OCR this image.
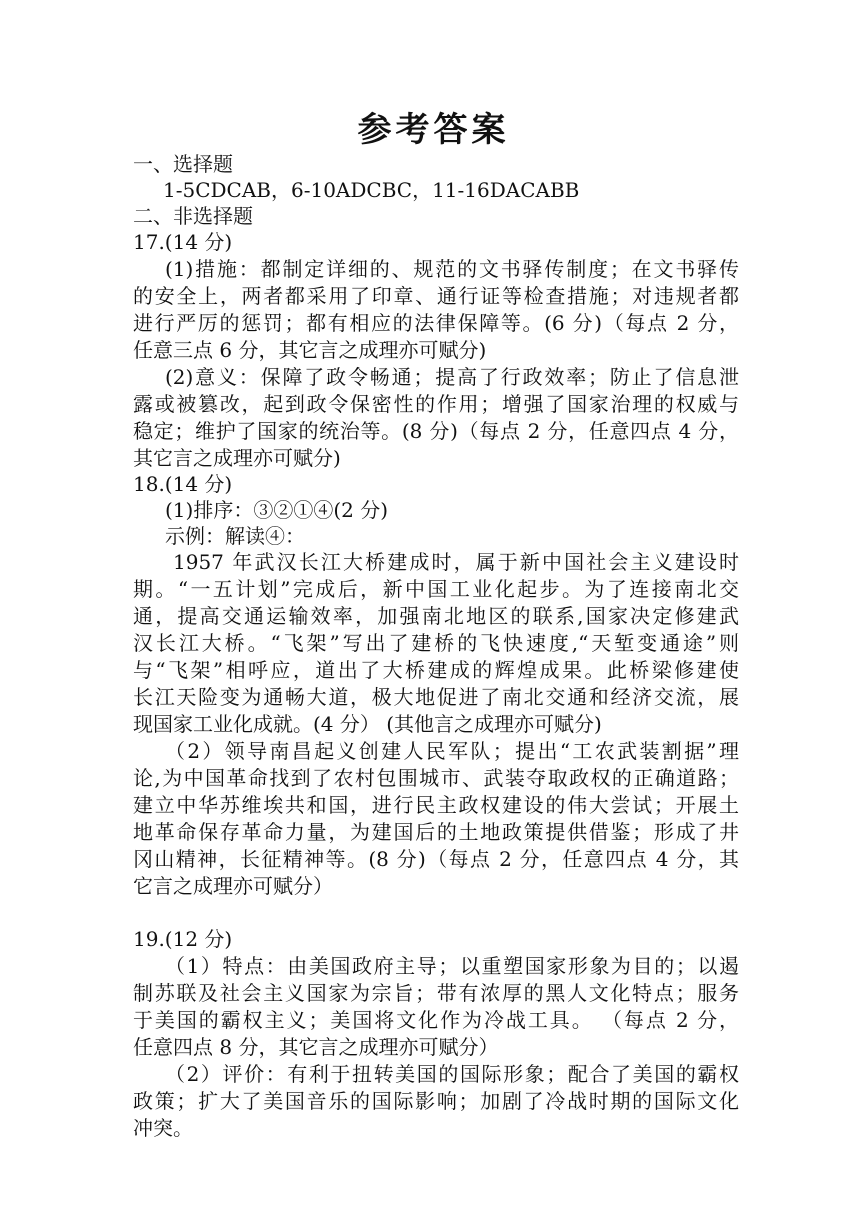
参考答案
一、选择题
1-5CDCAB，6-10ADCBC，11-16DACABB
二、非选择题
17.(14 分)
(1)措施：都制定详细的、规范的文书驿传制度；在文书驿传
的安全上，两者都采用了印章、通行证等检查措施；对违规者都
进行严厉的惩罚；都有相应的法律保障等。(6 分)（每点 2 分，
任意三点 6 分，其它言之成理亦可赋分)
(2)意义：保障了政令畅通；提高了行政效率；防止了信息泄
露或被篡改，起到政令保密性的作用；增强了国家治理的权威与
稳定；维护了国家的统治等。(8 分)（每点 2 分，任意四点 4 分，
其它言之成理亦可赋分)
18.(14 分)
(1)排序：③②①④(2 分)
示例：解读④：
1957 年武汉长江大桥建成时，属于新中国社会主义建设时
期。“一五计划”完成后，新中国工业化起步。为了连接南北交
通，提高交通运输效率，加强南北地区的联系,国家决定修建武
汉长江大桥。“飞架”写出了建桥的飞快速度,“天堑变通途”则
与“飞架”相呼应，道出了大桥建成的辉煌成果。此桥梁修建使
长江天险变为通畅大道，极大地促进了南北交通和经济交流，展
现国家工业化成就。(4 分） (其他言之成理亦可赋分)
（2）领导南昌起义创建人民军队；提出“工农武装割据”理
论,为中国革命找到了农村包围城市、武装夺取政权的正确道路；
建立中华苏维埃共和国，进行民主政权建设的伟大尝试；开展土
地革命保存革命力量，为建国后的土地政策提供借鉴；形成了井
冈山精神，长征精神等。(8 分)（每点 2 分，任意四点 4 分，其
它言之成理亦可赋分）
19.(12 分)
（1）特点：由美国政府主导；以重塑国家形象为目的；以遏
制苏联及社会主义国家为宗旨；带有浓厚的黑人文化特点；服务
于美国的霸权主义；美国将文化作为冷战工具。 （每点 2 分，
任意四点 8 分，其它言之成理亦可赋分）
（2）评价：有利于扭转美国的国际形象；配合了美国的霸权
政策；扩大了美国音乐的国际影响；加剧了冷战时期的国际文化
冲突。
